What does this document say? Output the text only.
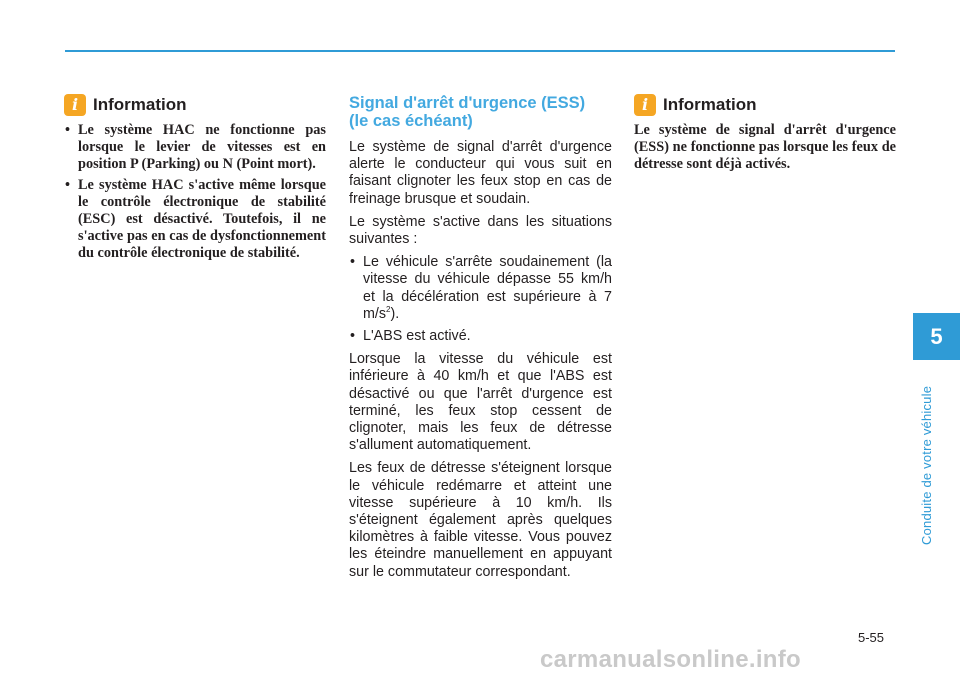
i Information
• Le système HAC ne fonctionne pas lorsque le levier de vitesses est en position P (Parking) ou N (Point mort).
• Le système HAC s'active même lorsque le contrôle électronique de stabilité (ESC) est désactivé. Toutefois, il ne s'active pas en cas de dysfonctionnement du contrôle électronique de stabilité.
Signal d'arrêt d'urgence (ESS)
(le cas échéant)

Le système de signal d'arrêt d'urgence alerte le conducteur qui vous suit en faisant clignoter les feux stop en cas de freinage brusque et soudain.

Le système s'active dans les situations suivantes :

• Le véhicule s'arrête soudainement (la vitesse du véhicule dépasse 55 km/h et la décélération est supérieure à 7 $m/s^2$).
• L'ABS est activé.

Lorsque la vitesse du véhicule est inférieure à 40 km/h et que l'ABS est désactivé ou que l'arrêt d'urgence est terminé, les feux stop cessent de clignoter, mais les feux de détresse s'allument automatiquement.

Les feux de détresse s'éteignent lorsque le véhicule redémarre et atteint une vitesse supérieure à 10 km/h. Ils s'éteignent également après quelques kilomètres à faible vitesse. Vous pouvez les éteindre manuellement en appuyant sur le commutateur correspondant.

i Information

Le système de signal d'arrêt d'urgence (ESS) ne fonctionne pas lorsque les feux de détresse sont déjà activés.

5
Conduite de votre véhicule
5-55
carmanualsonline.info
